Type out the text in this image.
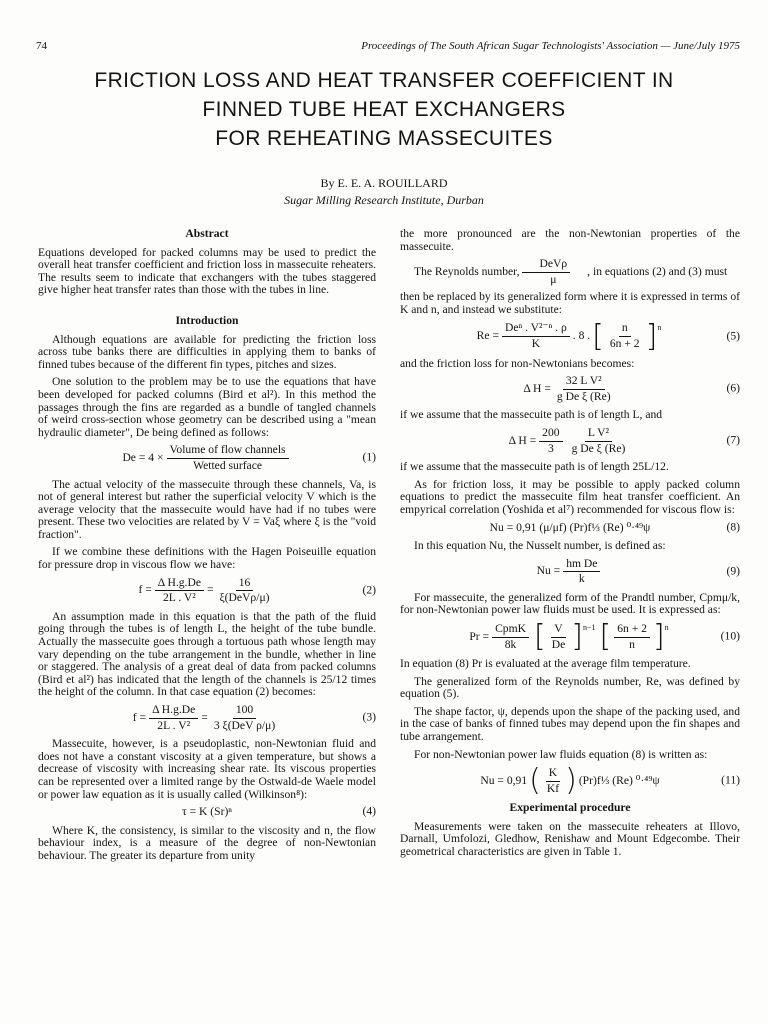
74	Proceedings of The South African Sugar Technologists' Association — June/July 1975
FRICTION LOSS AND HEAT TRANSFER COEFFICIENT IN
FINNED TUBE HEAT EXCHANGERS
FOR REHEATING MASSECUITES
By E. E. A. ROUILLARD
Sugar Milling Research Institute, Durban
Abstract

Equations developed for packed columns may be used to predict the overall heat transfer coefficient and friction loss in massecuite reheaters. The results seem to indicate that exchangers with the tubes staggered give higher heat transfer rates than those with the tubes in line.

Introduction

Although equations are available for predicting the friction loss across tube banks there are difficulties in applying them to banks of finned tubes because of the different fin types, pitches and sizes.

One solution to the problem may be to use the equations that have been developed for packed columns (Bird et al²). In this method the passages through the fins are regarded as a bundle of tangled channels of weird cross-section whose geometry can be described using a "mean hydraulic diameter", De being defined as follows:

$De = 4 \times \frac{\text{Volume of flow channels}}{\text{Wetted surface}}$	(1)

The actual velocity of the massecuite through these channels, Va, is not of general interest but rather the superficial velocity V which is the average velocity that the massecuite would have had if no tubes were present. These two velocities are related by V = Vaξ where ξ is the "void fraction".

If we combine these definitions with the Hagen Poiseuille equation for pressure drop in viscous flow we have:

$f = \frac{\text{Δ H.g.De}}{\text{2L . V²}} = \frac{16}{\text{ξ(DeVρ/μ)}}$	(2)

An assumption made in this equation is that the path of the fluid going through the tubes is of length L, the height of the tube bundle. Actually the massecuite goes through a tortuous path whose length may vary depending on the tube arrangement in the bundle, whether in line or staggered. The analysis of a great deal of data from packed columns (Bird et al²) has indicated that the length of the channels is 25/12 times the height of the column. In that case equation (2) becomes:

$f = \frac{\text{Δ H.g.De}}{\text{2L . V²}} = \frac{100}{\text{3 ξ(DeV ρ/μ)}}$	(3)

Massecuite, however, is a pseudoplastic, non-Newtonian fluid and does not have a constant viscosity at a given temperature, but shows a decrease of viscosity with increasing shear rate. Its viscous properties can be represented over a limited range by the Ostwald-de Waele model or power law equation as it is usually called (Wilkinson⁸):

τ = K (Sr)ⁿ	(4)

Where K, the consistency, is similar to the viscosity and n, the flow behaviour index, is a measure of the degree of non-Newtonian behaviour. The greater its departure from unity

the more pronounced are the non-Newtonian properties of the massecuite.

The Reynolds number, $\frac{\text{DeVρ}}{\mu}$	, in equations (2) and (3) must

then be replaced by its generalized form where it is expressed in terms of K and n, and instead we substitute:

$Re = \frac{\text{Deⁿ . V²⁻ⁿ . ρ}}{K}$ . 8 . [ $\frac{n}{6n + 2}$ ] n
(5)

and the friction loss for non-Newtonians becomes:

Δ $H = \frac{\text{32 L V²}}{\text{g De ξ (Re)}}$	(6)

if we assume that the massecuite path is of length L, and

Δ $H = \frac{200}{3} \frac{\text{L V²}}{\text{g De ξ (Re)}}$	(7)

if we assume that the massecuite path is of length 25L/12.

As for friction loss, it may be possible to apply packed column equations to predict the massecuite film heat transfer coefficient. An empyrical correlation (Yoshida et al⁷) recommended for viscous flow is:

Nu = 0,91 (μ/μf) (Pr)f⅓ (Re) ⁰·⁴⁹ψ	(8)

In this equation Nu, the Nusselt number, is defined as:

$Nu = \frac{\text{hm De}}{k}$	(9)

For massecuite, the generalized form of the Prandtl number, Cpmμ/k, for non-Newtonian power law fluids must be used. It is expressed as:

$Pr = \frac{\text{CpmK}}{8k}$ [ $\frac{V}{De}$ ] n−1 [ $\frac{6n + 2}{n}$ ] n
(10)

In equation (8) Pr is evaluated at the average film temperature.

The generalized form of the Reynolds number, Re, was defined by equation (5).

The shape factor, ψ, depends upon the shape of the packing used, and in the case of banks of finned tubes may depend upon the fin shapes and tube arrangement.

For non-Newtonian power law fluids equation (8) is written as:

Nu = 0,91 ( $\frac{K}{Kf}$ ) (Pr)f⅓ (Re) ⁰·⁴⁹ψ	(11)
Experimental procedure

Measurements were taken on the massecuite reheaters at Illovo, Darnall, Umfolozi, Gledhow, Renishaw and Mount Edgecombe. Their geometrical characteristics are given in Table 1.
